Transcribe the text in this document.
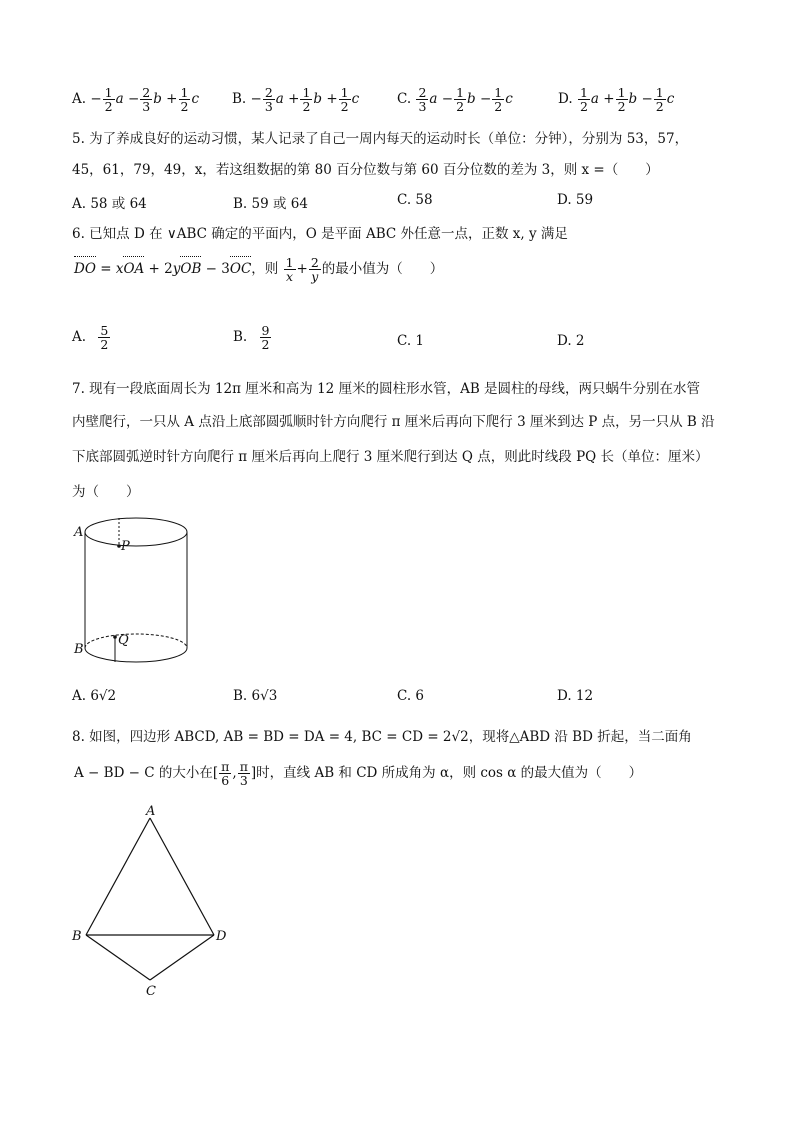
A. − $\frac{1}{2}$ $a - \frac{2}{3}$ $b + \frac{1}{2}$ c B. − $\frac{2}{3}$ $a + \frac{1}{2}$ $b + \frac{1}{2}$ c	C. $\frac{2}{3}$ $a - \frac{1}{2}$ $b - \frac{1}{2}$ c	D. $\frac{1}{2}$ $a + \frac{1}{2}$ $b - \frac{1}{2}$ c
5. 为了养成良好的运动习惯，某人记录了自己一周内每天的运动时长（单位：分钟），分别为 53，57，
45，61，79，49，x，若这组数据的第 80 百分位数与第 60 百分位数的差为 3，则 x =（　　）
A. 58 或 64	B. 59 或 64	C. 58	D. 59
6. 已知点 D 在 ∨ABC 确定的平面内，O 是平面 ABC 外任意一点，正数 x, y 满足
DO = xOA + 2yOB − 3OC，则 $\frac{1}{x} + \frac{2}{y}$ 的最小值为（　　）
A. $\frac{5}{2}$	B. $\frac{9}{2}$	C. 1	D. 2
7. 现有一段底面周长为 12π 厘米和高为 12 厘米的圆柱形水管，AB 是圆柱的母线，两只蜗牛分别在水管
内壁爬行，一只从 A 点沿上底部圆弧顺时针方向爬行 π 厘米后再向下爬行 3 厘米到达 P 点，另一只从 B 沿
下底部圆弧逆时针方向爬行 π 厘米后再向上爬行 3 厘米爬行到达 Q 点，则此时线段 PQ 长（单位：厘米）
为（　　）
A
P
Q
B
A. 6√2	B. 6√3	C. 6	D. 12
8. 如图，四边形 ABCD, AB = BD = DA = 4, BC = CD = 2√2，现将△ABD 沿 BD 折起，当二面角
A − BD − C 的大小在[ $\frac{\pi}{6}$ , $\frac{\pi}{3}$ ]时，直线 AB 和 CD 所成角为 α，则 cos α 的最大值为（　　）
A
B	D
C
